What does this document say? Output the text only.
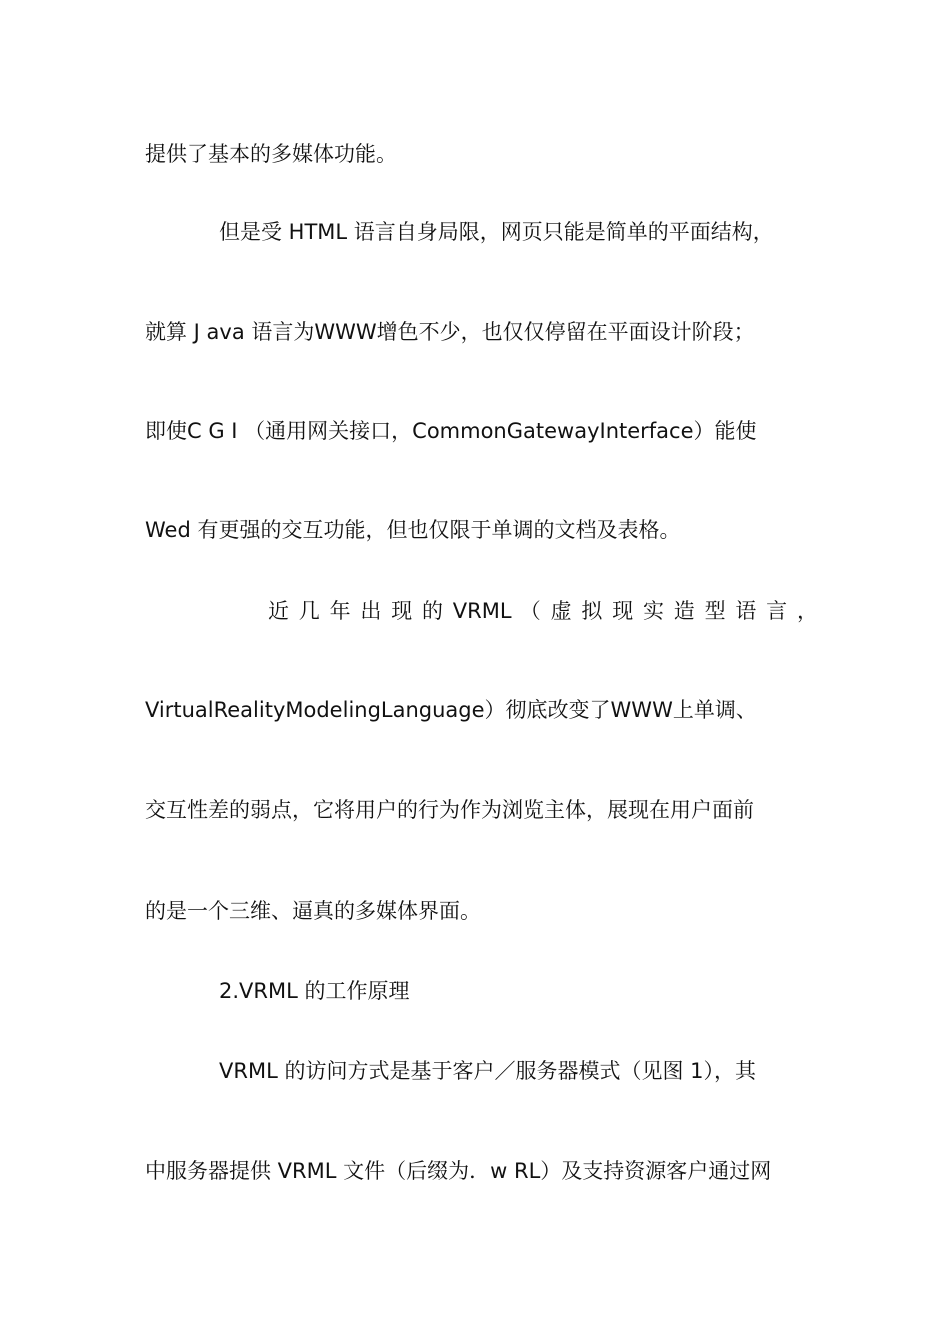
提供了基本的多媒体功能。
但是受 HTML 语言自身局限，网页只能是简单的平面结构，
就算 J ava 语言为WWW增色不少，也仅仅停留在平面设计阶段；
即使C G I （通用网关接口，CommonGatewayInterface）能使
Wed 有更强的交互功能，但也仅限于单调的文档及表格。
近 几 年 出 现 的 VRML （ 虚 拟 现 实 造 型 语 言 ，
VirtualRealityModelingLanguage）彻底改变了WWW上单调、
交互性差的弱点，它将用户的行为作为浏览主体，展现在用户面前
的是一个三维、逼真的多媒体界面。
2.VRML 的工作原理
VRML 的访问方式是基于客户／服务器模式（见图 1），其
中服务器提供 VRML 文件（后缀为．w RL）及支持资源客户通过网
